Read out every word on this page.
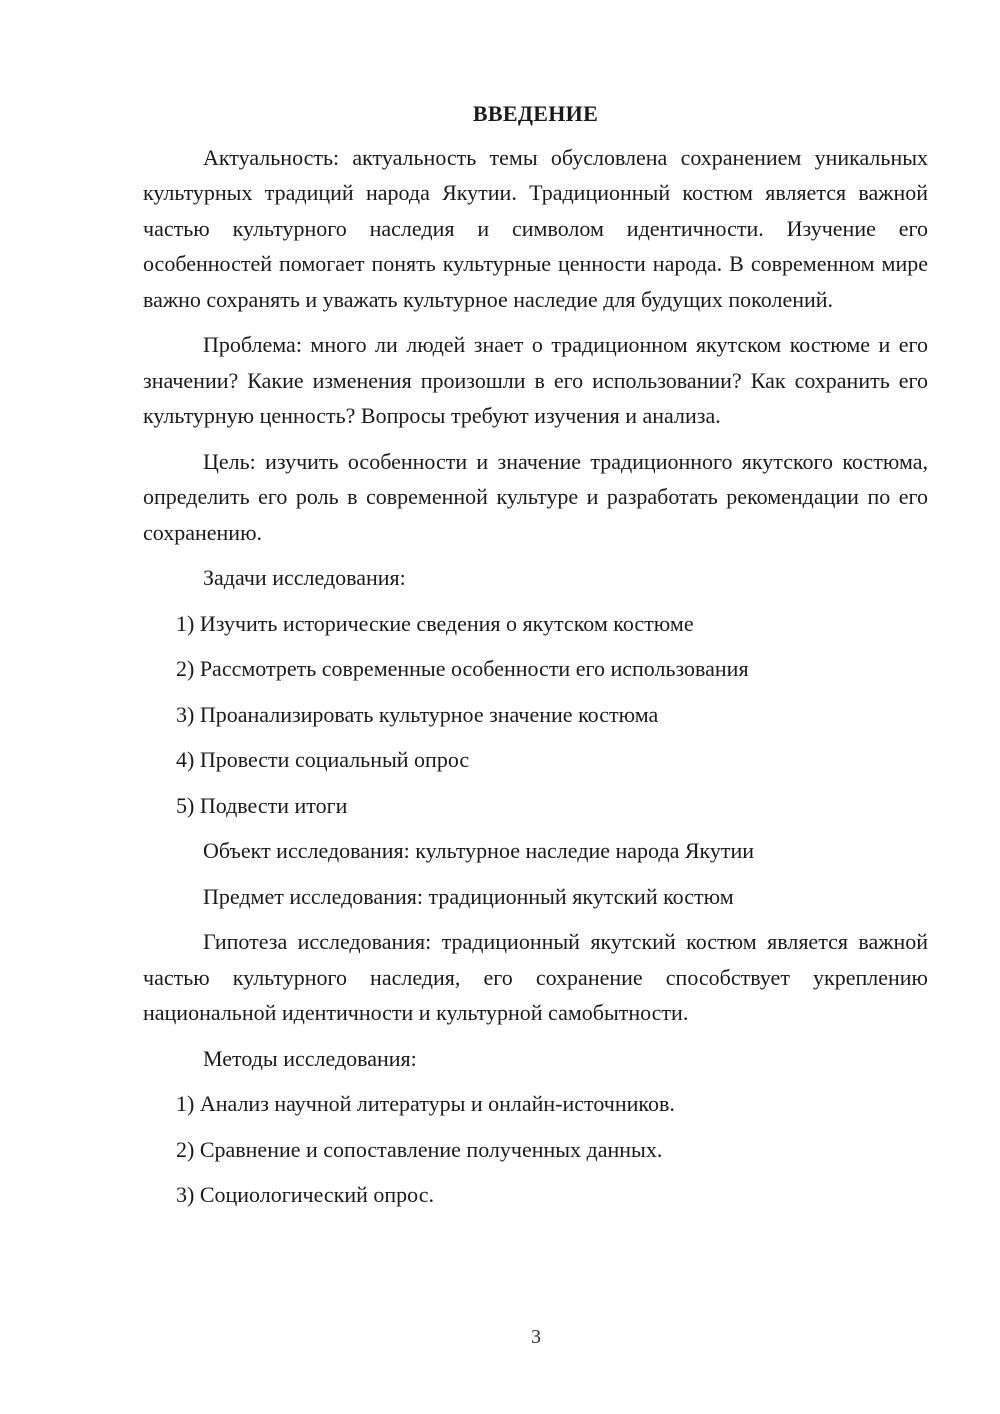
ВВЕДЕНИЕ

Актуальность: актуальность темы обусловлена сохранением уникальных культурных традиций народа Якутии. Традиционный костюм является важной частью культурного наследия и символом идентичности. Изучение его особенностей помогает понять культурные ценности народа. В современном мире важно сохранять и уважать культурное наследие для будущих поколений.

Проблема: много ли людей знает о традиционном якутском костюме и его значении? Какие изменения произошли в его использовании? Как сохранить его культурную ценность? Вопросы требуют изучения и анализа.

Цель: изучить особенности и значение традиционного якутского костюма, определить его роль в современной культуре и разработать рекомендации по его сохранению.

Задачи исследования:

1) Изучить исторические сведения о якутском костюме
2) Рассмотреть современные особенности его использования
3) Проанализировать культурное значение костюма
4) Провести социальный опрос
5) Подвести итоги

Объект исследования: культурное наследие народа Якутии

Предмет исследования: традиционный якутский костюм

Гипотеза исследования: традиционный якутский костюм является важной частью культурного наследия, его сохранение способствует укреплению национальной идентичности и культурной самобытности.

Методы исследования:

1) Анализ научной литературы и онлайн-источников.
2) Сравнение и сопоставление полученных данных.
3) Социологический опрос.
3
